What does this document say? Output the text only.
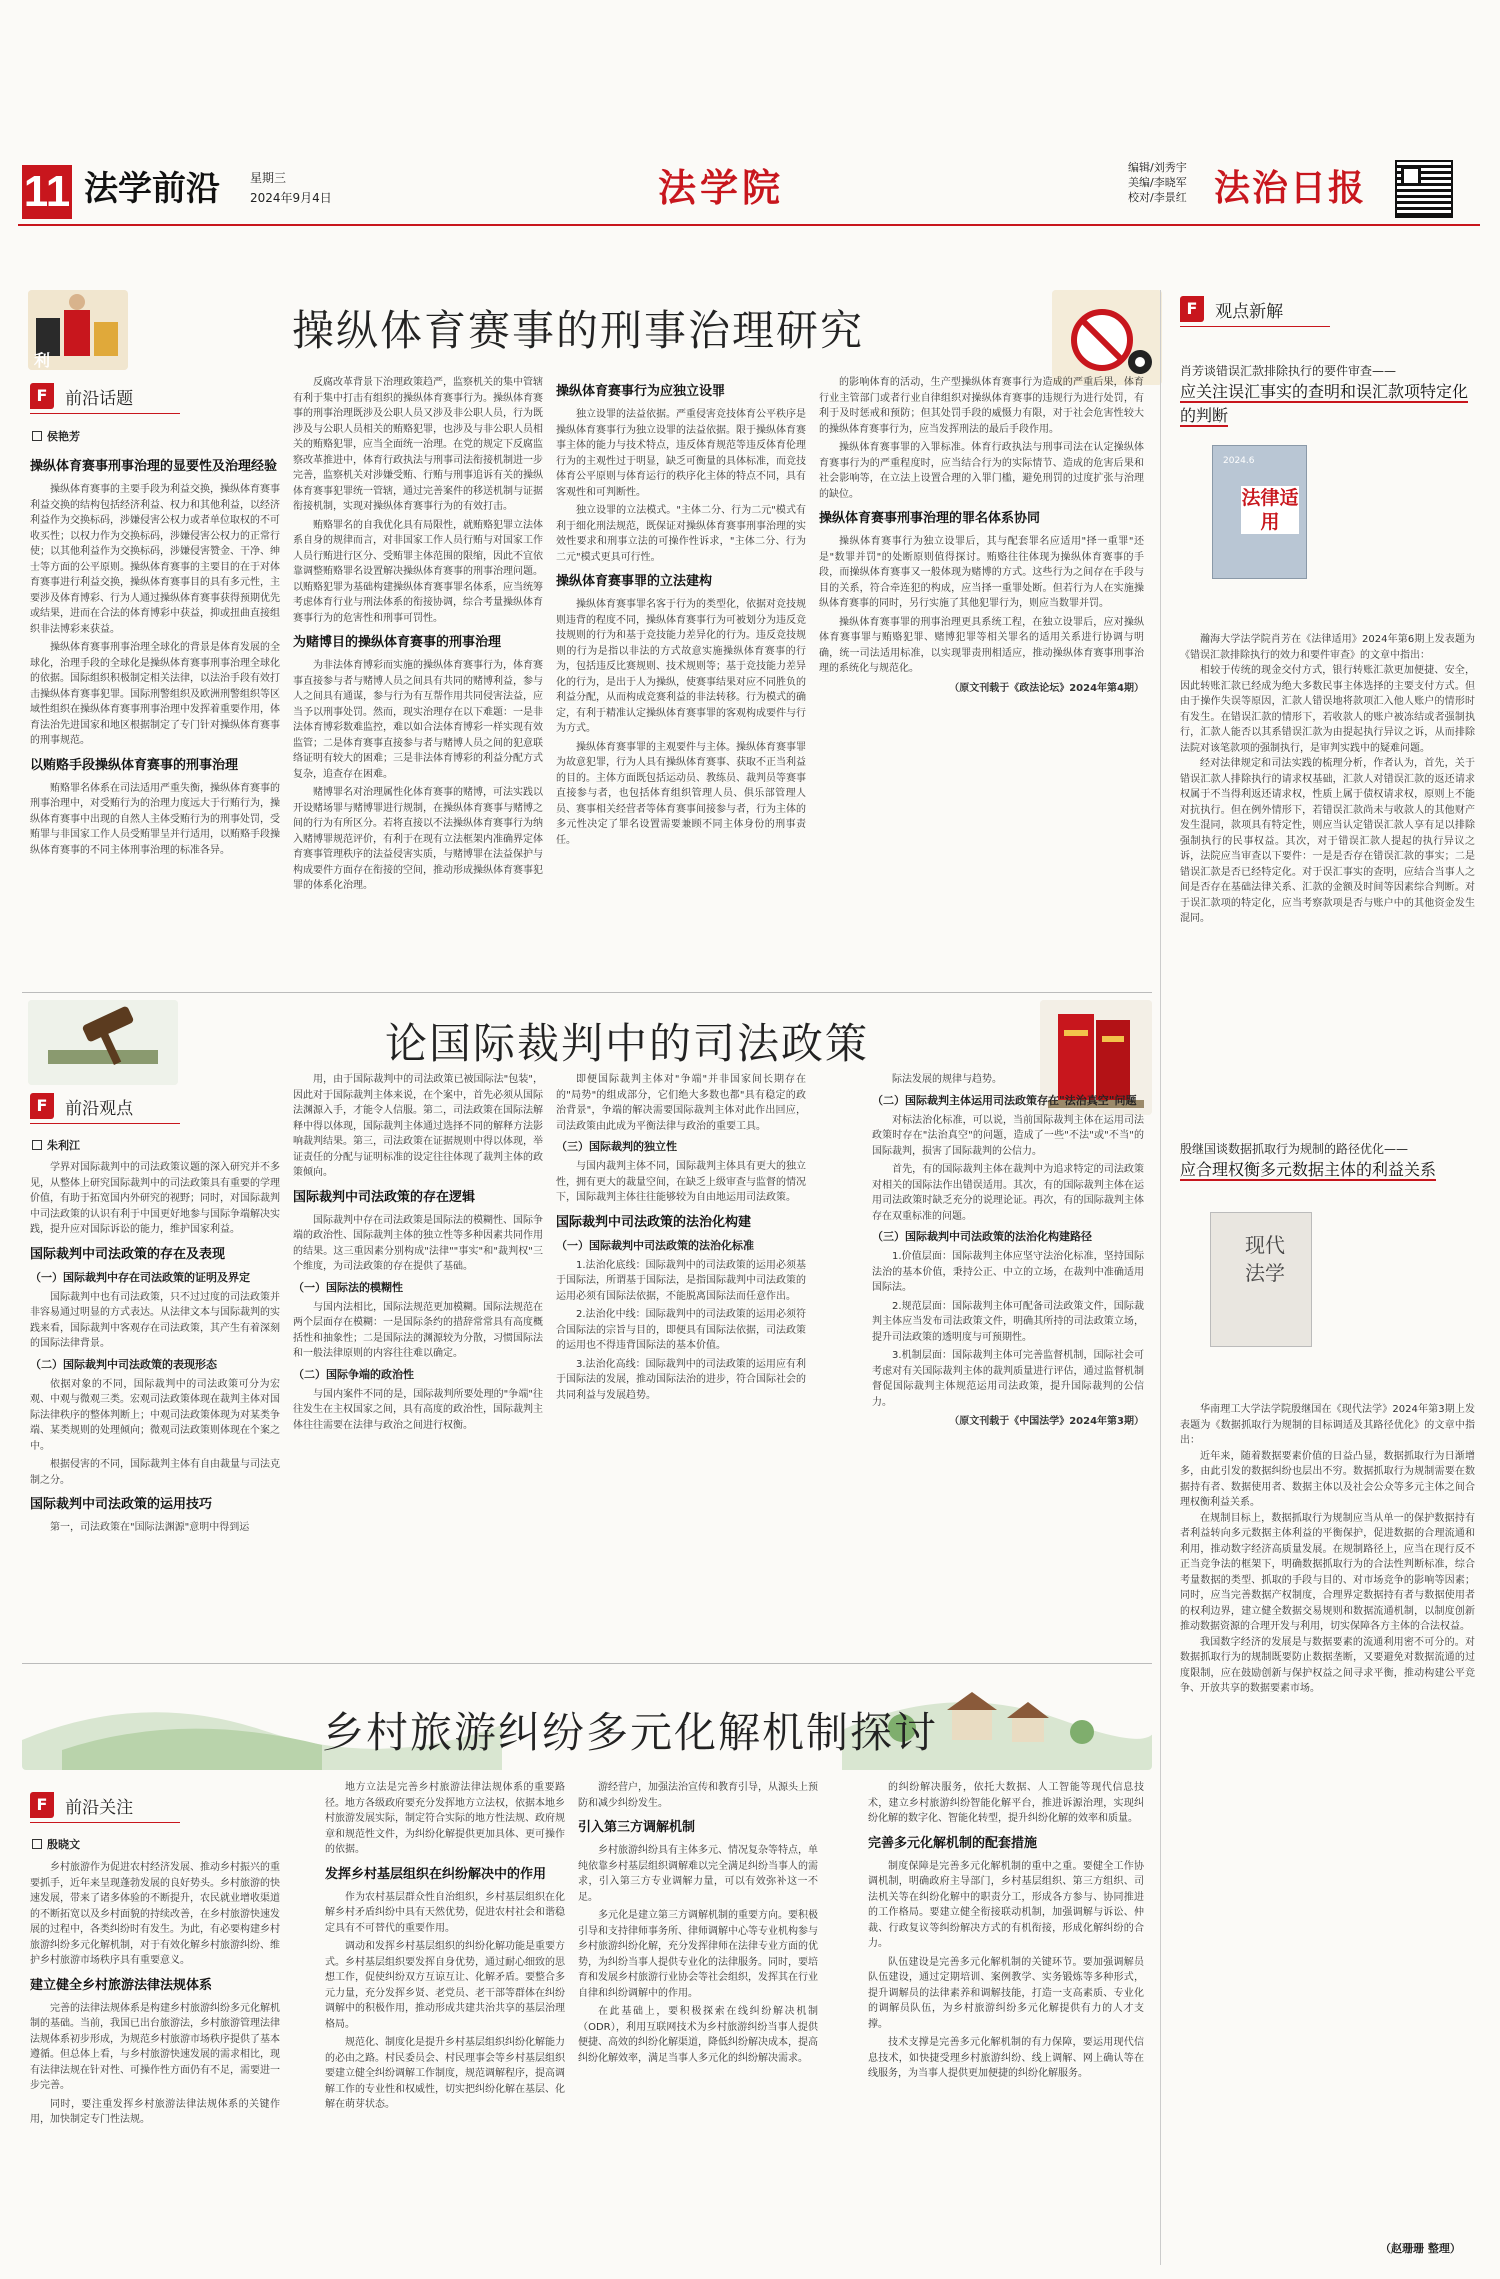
11 法学前沿	星期三
2024年9月4日	法学院	编辑/刘秀宇
美编/李晓军
校对/李景红 法治日报
利
操纵体育赛事的刑事治理研究
F 前沿话题
侯艳芳
操纵体育赛事刑事治理的显要性及治理经验

操纵体育赛事的主要手段为利益交换，操纵体育赛事利益交换的结构包括经济利益、权力和其他利益，以经济利益作为交换标码，涉嫌侵害公权力或者单位取权的不可收买性；以权力作为交换标码，涉嫌侵害公权力的正常行使；以其他利益作为交换标码，涉嫌侵害赞金、干净、绅士等方面的公平原则。操纵体育赛事的主要目的在于对体育赛事进行利益交换，操纵体育赛事目的具有多元性，主要涉及体育博彩、行为人通过操纵体育赛事获得预期优先或结果，进而在合法的体育博彩中获益，抑或扭曲直接组织非法博彩来获益。

操纵体育赛事刑事治理全球化的背景是体育发展的全球化，治理手段的全球化是操纵体育赛事刑事治理全球化的依据。国际组织积极制定相关法律，以法治手段有效打击操纵体育赛事犯罪。国际刑警组织及欧洲刑警组织等区域性组织在操纵体育赛事刑事治理中发挥着重要作用，体育法治先进国家和地区根据制定了专门针对操纵体育赛事的刑事规范。

以贿赂手段操纵体育赛事的刑事治理

贿赂罪名体系在司法适用严重失衡，操纵体育赛事的刑事治理中，对受贿行为的治理力度远大于行贿行为，操纵体育赛事中出现的自然人主体受贿行为的刑事处罚，受贿罪与非国家工作人员受贿罪呈并行适用，以贿赂手段操纵体育赛事的不同主体刑事治理的标准各异。

反腐改革背景下治理政策趋严，监察机关的集中管辖有利于集中打击有组织的操纵体育赛事行为。操纵体育赛事的刑事治理既涉及公职人员又涉及非公职人员，行为既涉及与公职人员相关的贿赂犯罪，也涉及与非公职人员相关的贿赂犯罪，应当全面统一治理。在党的规定下反腐监察改革推进中，体育行政执法与刑事司法衔接机制进一步完善，监察机关对涉嫌受贿、行贿与刑事追诉有关的操纵体育赛事犯罪统一管辖，通过完善案件的移送机制与证据衔接机制，实现对操纵体育赛事行为的有效打击。

贿赂罪名的自我优化具有局限性，就贿赂犯罪立法体系自身的规律而言，对非国家工作人员行贿与对国家工作人员行贿进行区分、受贿罪主体范围的限缩，因此不宜依靠调整贿赂罪名设置解决操纵体育赛事的刑事治理问题。以贿赂犯罪为基础构建操纵体育赛事罪名体系，应当统筹考虑体育行业与刑法体系的衔接协调，综合考量操纵体育赛事行为的危害性和刑事可罚性。

为赌博目的操纵体育赛事的刑事治理

为非法体育博彩而实施的操纵体育赛事行为，体育赛事直接参与者与赌博人员之间具有共同的赌博利益，参与人之间具有通谋，参与行为有互帮作用共同侵害法益，应当予以刑事处罚。然而，现实治理存在以下难题：一是非法体育博彩数难监控，难以如合法体育博彩一样实现有效监管；二是体育赛事直接参与者与赌博人员之间的犯意联络证明有较大的困难；三是非法体育博彩的利益分配方式复杂，追查存在困难。

赌博罪名对治理属性化体育赛事的赌博，可法实践以开设赌场罪与赌博罪进行规制，在操纵体育赛事与赌博之间的行为有所区分。若将直接以不法操纵体育赛事行为纳入赌博罪规范评价，有利于在现有立法框架内准确界定体育赛事管理秩序的法益侵害实质，与赌博罪在法益保护与构成要件方面存在衔接的空间，推动形成操纵体育赛事犯罪的体系化治理。

操纵体育赛事行为应独立设罪

独立设罪的法益依据。严重侵害竞技体育公平秩序是操纵体育赛事行为独立设罪的法益依据。限于操纵体育赛事主体的能力与技术特点，违反体育规范等违反体育伦理行为的主观性过于明显，缺乏可衡量的具体标准，而竞技体育公平原则与体育运行的秩序化主体的特点不同，具有客观性和可判断性。

独立设罪的立法模式。"主体二分、行为二元"模式有利于细化刑法规范，既保证对操纵体育赛事刑事治理的实效性要求和刑事立法的可操作性诉求，"主体二分、行为二元"模式更具可行性。

操纵体育赛事罪的立法建构

操纵体育赛事罪名客于行为的类型化，依据对竞技规则违背的程度不同，操纵体育赛事行为可被划分为违反竞技规则的行为和基于竞技能力差异化的行为。违反竞技规则的行为是指以非法的方式故意实施操纵体育赛事的行为，包括违反比赛规则、技术规则等；基于竞技能力差异化的行为，是出于人为操纵，使赛事结果对应不同胜负的利益分配，从而构成竞赛利益的非法转移。行为模式的确定，有利于精准认定操纵体育赛事罪的客观构成要件与行为方式。

操纵体育赛事罪的主观要件与主体。操纵体育赛事罪为故意犯罪，行为人具有操纵体育赛事、获取不正当利益的目的。主体方面既包括运动员、教练员、裁判员等赛事直接参与者，也包括体育组织管理人员、俱乐部管理人员、赛事相关经营者等体育赛事间接参与者，行为主体的多元性决定了罪名设置需要兼顾不同主体身份的刑事责任。

的影响体育的活动，生产型操纵体育赛事行为造成的严重后果，体育行业主管部门或者行业自律组织对操纵体育赛事的违规行为进行处罚，有利于及时惩戒和预防；但其处罚手段的威慑力有限，对于社会危害性较大的操纵体育赛事行为，应当发挥刑法的最后手段作用。

操纵体育赛事罪的入罪标准。体育行政执法与刑事司法在认定操纵体育赛事行为的严重程度时，应当结合行为的实际情节、造成的危害后果和社会影响等，在立法上设置合理的入罪门槛，避免刑罚的过度扩张与治理的缺位。

操纵体育赛事刑事治理的罪名体系协同

操纵体育赛事行为独立设罪后，其与配套罪名应适用"择一重罪"还是"数罪并罚"的处断原则值得探讨。贿赂往往体现为操纵体育赛事的手段，而操纵体育赛事又一般体现为赌博的方式。这些行为之间存在手段与目的关系，符合牵连犯的构成，应当择一重罪处断。但若行为人在实施操纵体育赛事的同时，另行实施了其他犯罪行为，则应当数罪并罚。

操纵体育赛事罪的刑事治理更具系统工程，在独立设罪后，应对操纵体育赛事罪与贿赂犯罪、赌博犯罪等相关罪名的适用关系进行协调与明确，统一司法适用标准，以实现罪责刑相适应，推动操纵体育赛事刑事治理的系统化与规范化。

（原文刊载于《政法论坛》2024年第4期）

论国际裁判中的司法政策
F 前沿观点
朱利江

学界对国际裁判中的司法政策议题的深入研究并不多见，从整体上研究国际裁判中的司法政策具有重要的学理价值，有助于拓宽国内外研究的视野；同时，对国际裁判中司法政策的认识有利于中国更好地参与国际争端解决实践，提升应对国际诉讼的能力，维护国家利益。

国际裁判中司法政策的存在及表现
（一）国际裁判中存在司法政策的证明及界定

国际裁判中也有司法政策，只不过过度的司法政策并非容易通过明显的方式表达。从法律文本与国际裁判的实践来看，国际裁判中客观存在司法政策，其产生有着深刻的国际法律背景。

（二）国际裁判中司法政策的表现形态

依据对象的不同，国际裁判中的司法政策可分为宏观、中观与微观三类。宏观司法政策体现在裁判主体对国际法律秩序的整体判断上；中观司法政策体现为对某类争端、某类规则的处理倾向；微观司法政策则体现在个案之中。

根据侵害的不同，国际裁判主体有自由裁量与司法克制之分。

国际裁判中司法政策的运用技巧

第一，司法政策在"国际法渊源"意明中得到运

用，由于国际裁判中的司法政策已被国际法"包装"，因此对于国际裁判主体来说，在个案中，首先必须从国际法渊源入手，才能令人信服。第二，司法政策在国际法解释中得以体现，国际裁判主体通过选择不同的解释方法影响裁判结果。第三，司法政策在证据规则中得以体现，举证责任的分配与证明标准的设定往往体现了裁判主体的政策倾向。

国际裁判中司法政策的存在逻辑

国际裁判中存在司法政策是国际法的模糊性、国际争端的政治性、国际裁判主体的独立性等多种因素共同作用的结果。这三重因素分别构成"法律""事实"和"裁判权"三个维度，为司法政策的存在提供了基础。

（一）国际法的模糊性

与国内法相比，国际法规范更加模糊。国际法规范在两个层面存在模糊：一是国际条约的措辞常常具有高度概括性和抽象性；二是国际法的渊源较为分散，习惯国际法和一般法律原则的内容往往难以确定。

（二）国际争端的政治性

与国内案件不同的是，国际裁判所要处理的"争端"往往发生在主权国家之间，具有高度的政治性，国际裁判主体往往需要在法律与政治之间进行权衡。

即便国际裁判主体对"争端"并非国家间长期存在的"局势"的组成部分，它们绝大多数也都"具有稳定的政治背景"，争端的解决需要国际裁判主体对此作出回应，司法政策由此成为平衡法律与政治的重要工具。

（三）国际裁判的独立性

与国内裁判主体不同，国际裁判主体具有更大的独立性，拥有更大的裁量空间，在缺乏上级审查与监督的情况下，国际裁判主体往往能够较为自由地运用司法政策。

国际裁判中司法政策的法治化构建
（一）国际裁判中司法政策的法治化标准

1.法治化底线：国际裁判中的司法政策的运用必须基于国际法，所谓基于国际法，是指国际裁判中司法政策的运用必须有国际法依据，不能脱离国际法而任意作出。

2.法治化中线：国际裁判中的司法政策的运用必须符合国际法的宗旨与目的，即便具有国际法依据，司法政策的运用也不得违背国际法的基本价值。

3.法治化高线：国际裁判中的司法政策的运用应有利于国际法的发展，推动国际法治的进步，符合国际社会的共同利益与发展趋势。

际法发展的规律与趋势。

（二）国际裁判主体运用司法政策存在"法治真空"问题

对标法治化标准，可以说，当前国际裁判主体在运用司法政策时存在"法治真空"的问题，造成了一些"不法"或"不当"的国际裁判，损害了国际裁判的公信力。

首先，有的国际裁判主体在裁判中为追求特定的司法政策对相关的国际法作出错误适用。其次，有的国际裁判主体在运用司法政策时缺乏充分的说理论证。再次，有的国际裁判主体存在双重标准的问题。

（三）国际裁判中司法政策的法治化构建路径

1.价值层面：国际裁判主体应坚守法治化标准，坚持国际法治的基本价值，秉持公正、中立的立场，在裁判中准确适用国际法。

2.规范层面：国际裁判主体可配备司法政策文件，国际裁判主体应当发布司法政策文件，明确其所持的司法政策立场，提升司法政策的透明度与可预期性。

3.机制层面：国际裁判主体可完善监督机制，国际社会可考虑对有关国际裁判主体的裁判质量进行评估，通过监督机制督促国际裁判主体规范运用司法政策，提升国际裁判的公信力。

（原文刊载于《中国法学》2024年第3期）

乡村旅游纠纷多元化解机制探讨
F 前沿关注
殷晓文

乡村旅游作为促进农村经济发展、推动乡村振兴的重要抓手，近年来呈现蓬勃发展的良好势头。乡村旅游的快速发展，带来了诸多体验的不断提升，农民就业增收渠道的不断拓宽以及乡村面貌的持续改善，在乡村旅游快速发展的过程中，各类纠纷时有发生。为此，有必要构建乡村旅游纠纷多元化解机制，对于有效化解乡村旅游纠纷、维护乡村旅游市场秩序具有重要意义。

建立健全乡村旅游法律法规体系

完善的法律法规体系是构建乡村旅游纠纷多元化解机制的基础。当前，我国已出台旅游法，乡村旅游管理法律法规体系初步形成，为规范乡村旅游市场秩序提供了基本遵循。但总体上看，与乡村旅游快速发展的需求相比，现有法律法规在针对性、可操作性方面仍有不足，需要进一步完善。

同时，要注重发挥乡村旅游法律法规体系的关键作用，加快制定专门性法规。

地方立法是完善乡村旅游法律法规体系的重要路径。地方各级政府要充分发挥地方立法权，依据本地乡村旅游发展实际，制定符合实际的地方性法规、政府规章和规范性文件，为纠纷化解提供更加具体、更可操作的依据。

发挥乡村基层组织在纠纷解决中的作用

作为农村基层群众性自治组织，乡村基层组织在化解乡村矛盾纠纷中具有天然优势，促进农村社会和谐稳定具有不可替代的重要作用。

调动和发挥乡村基层组织的纠纷化解功能是重要方式。乡村基层组织要发挥自身优势，通过耐心细致的思想工作，促使纠纷双方互谅互让、化解矛盾。要整合多元力量，充分发挥乡贤、老党员、老干部等群体在纠纷调解中的积极作用，推动形成共建共治共享的基层治理格局。

规范化、制度化是提升乡村基层组织纠纷化解能力的必由之路。村民委员会、村民理事会等乡村基层组织要建立健全纠纷调解工作制度，规范调解程序，提高调解工作的专业性和权威性，切实把纠纷化解在基层、化解在萌芽状态。

游经营户，加强法治宣传和教育引导，从源头上预防和减少纠纷发生。

引入第三方调解机制

乡村旅游纠纷具有主体多元、情况复杂等特点，单纯依靠乡村基层组织调解难以完全满足纠纷当事人的需求，引入第三方专业调解力量，可以有效弥补这一不足。

多元化是建立第三方调解机制的重要方向。要积极引导和支持律师事务所、律师调解中心等专业机构参与乡村旅游纠纷化解，充分发挥律师在法律专业方面的优势，为纠纷当事人提供专业化的法律服务。同时，要培育和发展乡村旅游行业协会等社会组织，发挥其在行业自律和纠纷调解中的作用。

在此基础上，要积极探索在线纠纷解决机制（ODR），利用互联网技术为乡村旅游纠纷当事人提供便捷、高效的纠纷化解渠道，降低纠纷解决成本，提高纠纷化解效率，满足当事人多元化的纠纷解决需求。

的纠纷解决服务，依托大数据、人工智能等现代信息技术，建立乡村旅游纠纷智能化解平台，推进诉源治理，实现纠纷化解的数字化、智能化转型，提升纠纷化解的效率和质量。

完善多元化解机制的配套措施

制度保障是完善多元化解机制的重中之重。要健全工作协调机制，明确政府主导部门，乡村基层组织、第三方组织、司法机关等在纠纷化解中的职责分工，形成各方参与、协同推进的工作格局。要建立健全衔接联动机制，加强调解与诉讼、仲裁、行政复议等纠纷解决方式的有机衔接，形成化解纠纷的合力。

队伍建设是完善多元化解机制的关键环节。要加强调解员队伍建设，通过定期培训、案例教学、实务锻炼等多种形式，提升调解员的法律素养和调解技能，打造一支高素质、专业化的调解员队伍，为乡村旅游纠纷多元化解提供有力的人才支撑。

技术支撑是完善多元化解机制的有力保障，要运用现代信息技术，如快捷受理乡村旅游纠纷、线上调解、网上确认等在线服务，为当事人提供更加便捷的纠纷化解服务。

F 观点新解
肖芳谈错误汇款排除执行的要件审查——
应关注误汇事实的查明和误汇款项特定化的判断
2024.6
法律适用

瀚海大学法学院肖芳在《法律适用》2024年第6期上发表题为《错误汇款排除执行的效力和要件审查》的文章中指出：

相较于传统的现金交付方式，银行转账汇款更加便捷、安全，因此转账汇款已经成为绝大多数民事主体选择的主要支付方式。但由于操作失误等原因，汇款人错误地将款项汇入他人账户的情形时有发生。在错误汇款的情形下，若收款人的账户被冻结或者强制执行，汇款人能否以其系错误汇款为由提起执行异议之诉，从而排除法院对该笔款项的强制执行，是审判实践中的疑难问题。

经对法律规定和司法实践的梳理分析，作者认为，首先，关于错误汇款人排除执行的请求权基础，汇款人对错误汇款的返还请求权属于不当得利返还请求权，性质上属于债权请求权，原则上不能对抗执行。但在例外情形下，若错误汇款尚未与收款人的其他财产发生混同，款项具有特定性，则应当认定错误汇款人享有足以排除强制执行的民事权益。其次，对于错误汇款人提起的执行异议之诉，法院应当审查以下要件：一是是否存在错误汇款的事实；二是错误汇款是否已经特定化。对于误汇事实的查明，应结合当事人之间是否存在基础法律关系、汇款的金额及时间等因素综合判断。对于误汇款项的特定化，应当考察款项是否与账户中的其他资金发生混同。

殷继国谈数据抓取行为规制的路径优化——
应合理权衡多元数据主体的利益关系
现代法学

华南理工大学法学院殷继国在《现代法学》2024年第3期上发表题为《数据抓取行为规制的目标调适及其路径优化》的文章中指出：

近年来，随着数据要素价值的日益凸显，数据抓取行为日渐增多，由此引发的数据纠纷也层出不穷。数据抓取行为规制需要在数据持有者、数据使用者、数据主体以及社会公众等多元主体之间合理权衡利益关系。

在规制目标上，数据抓取行为规制应当从单一的保护数据持有者利益转向多元数据主体利益的平衡保护，促进数据的合理流通和利用，推动数字经济高质量发展。在规制路径上，应当在现行反不正当竞争法的框架下，明确数据抓取行为的合法性判断标准，综合考量数据的类型、抓取的手段与目的、对市场竞争的影响等因素；同时，应当完善数据产权制度，合理界定数据持有者与数据使用者的权利边界，建立健全数据交易规则和数据流通机制，以制度创新推动数据资源的合理开发与利用，切实保障各方主体的合法权益。

我国数字经济的发展是与数据要素的流通利用密不可分的。对数据抓取行为的规制既要防止数据垄断，又要避免对数据流通的过度限制，应在鼓励创新与保护权益之间寻求平衡，推动构建公平竞争、开放共享的数据要素市场。

（赵珊珊 整理）
